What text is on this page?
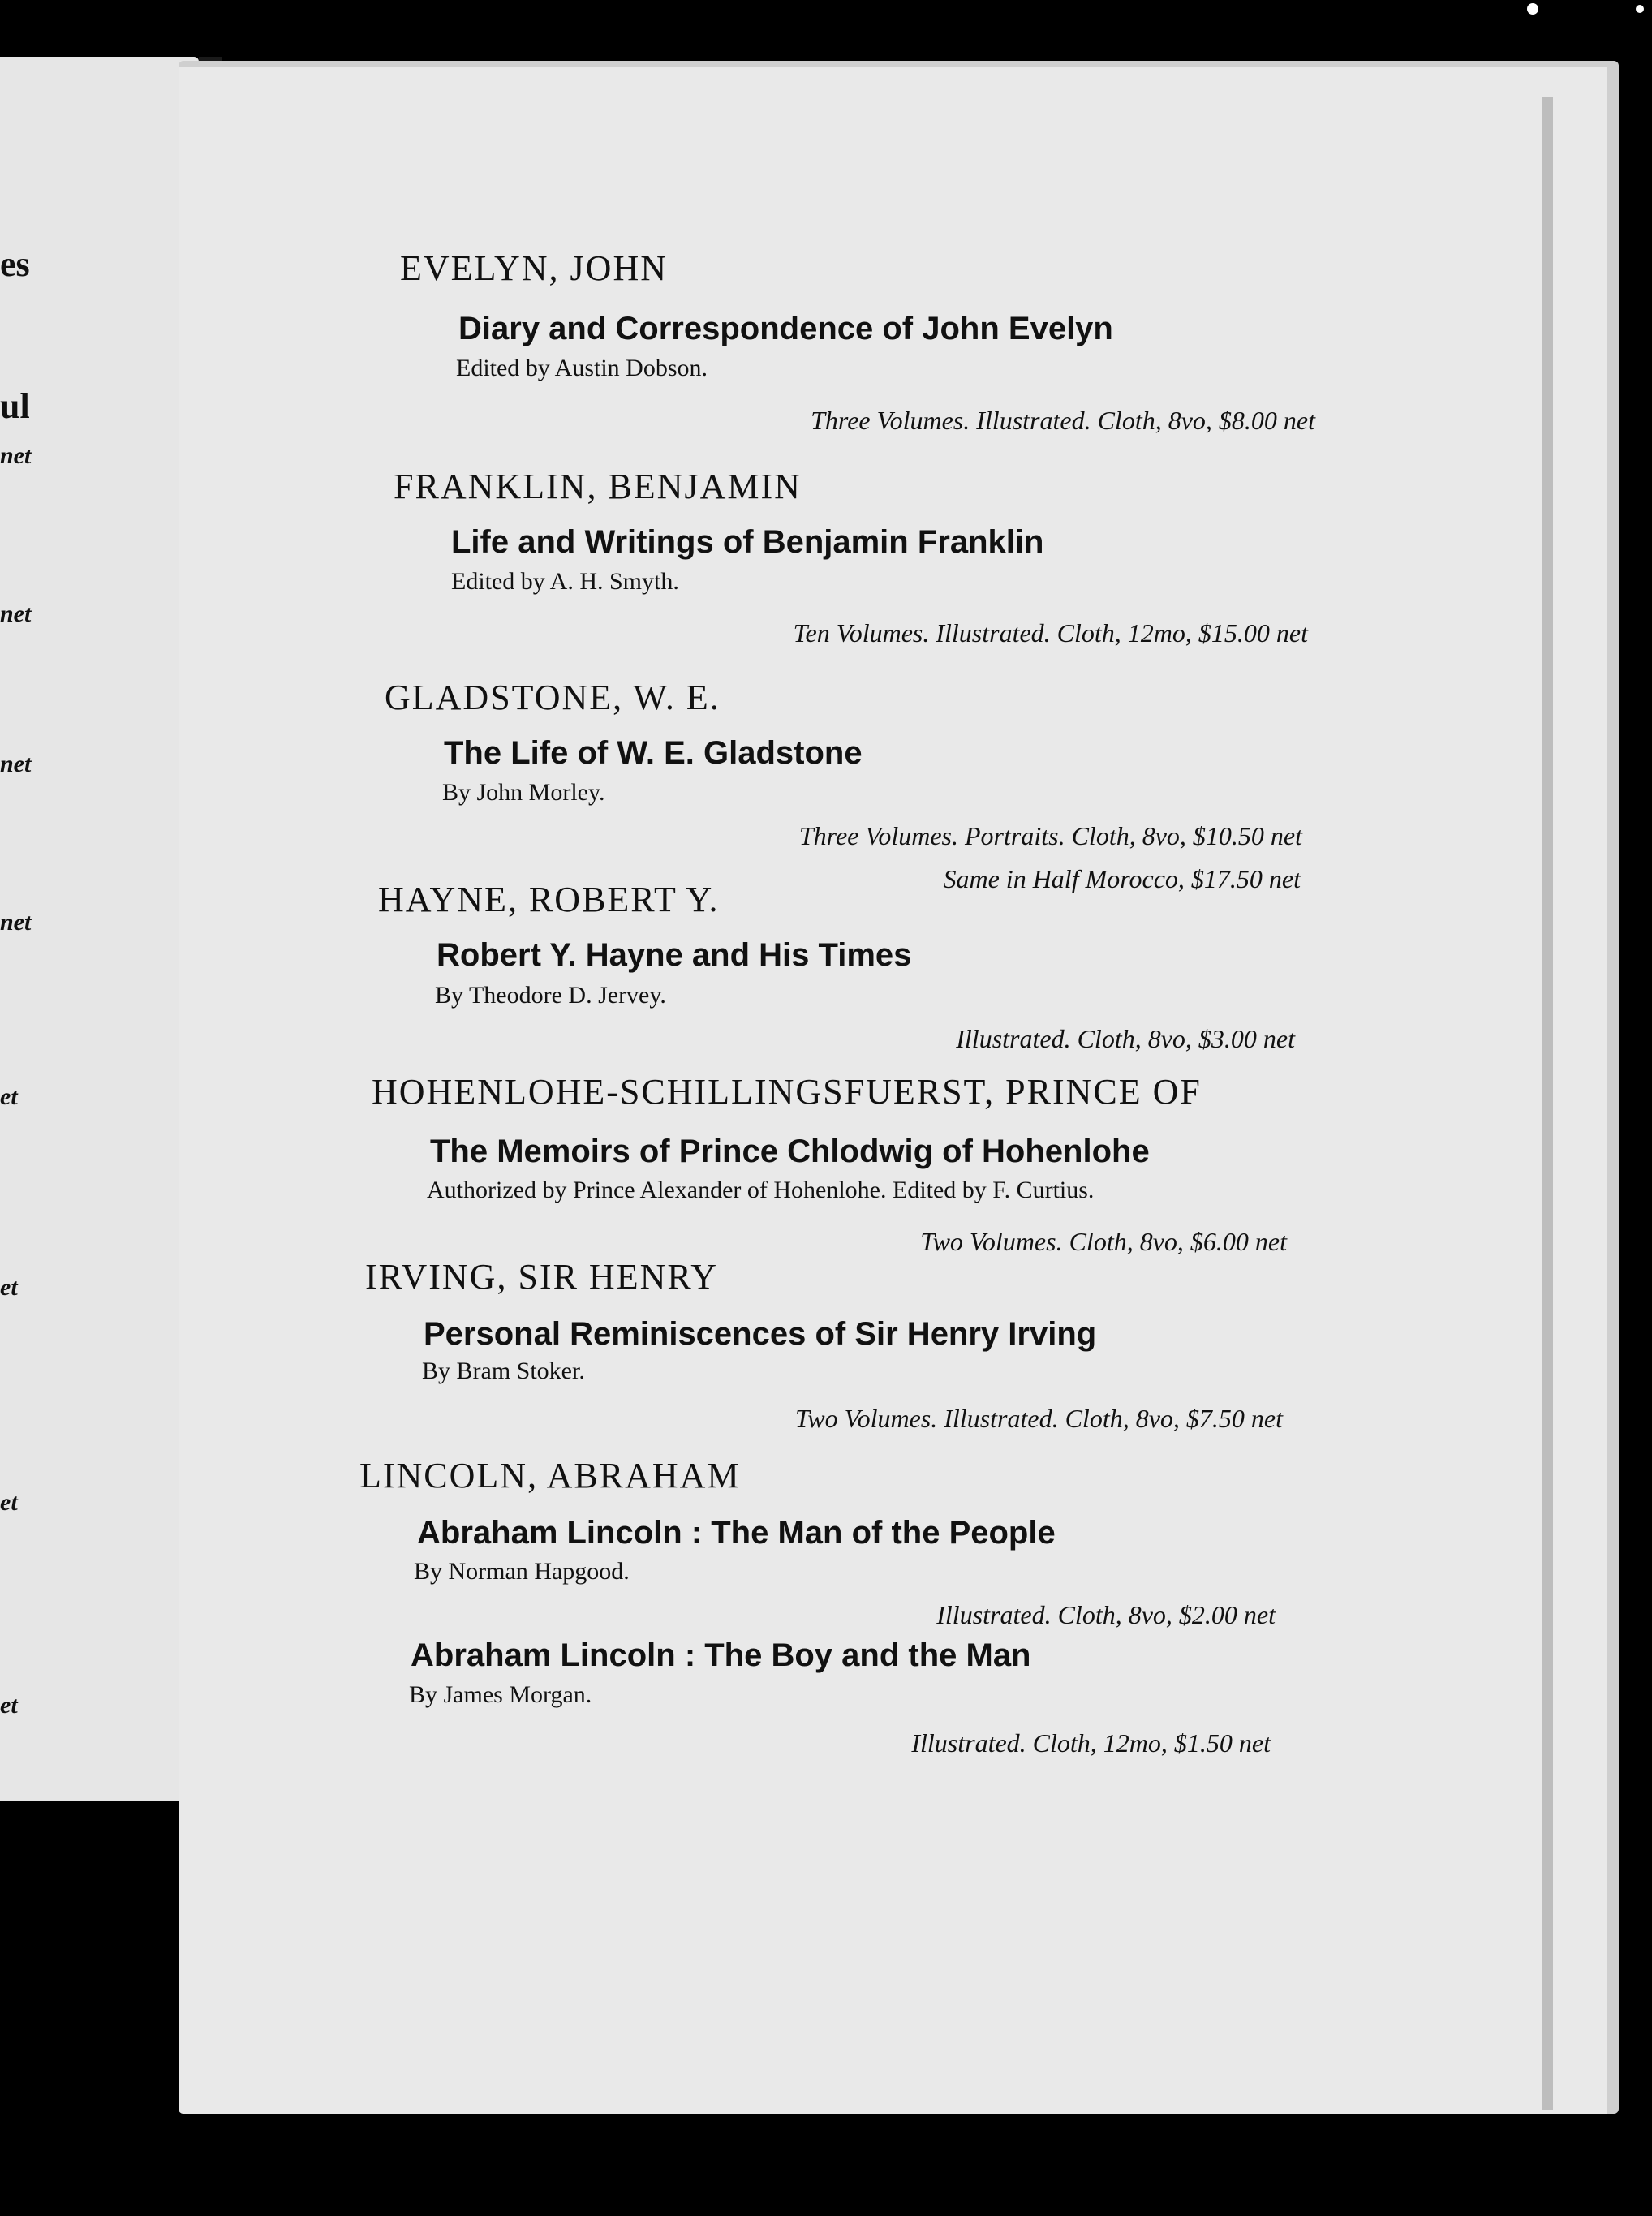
es
ul
net
net
net
net
et
et
et
et
EVELYN, JOHN
Diary and Correspondence of John Evelyn
Edited by Austin Dobson.
Three Volumes. Illustrated. Cloth, 8vo, $8.00 net
FRANKLIN, BENJAMIN
Life and Writings of Benjamin Franklin
Edited by A. H. Smyth.
Ten Volumes. Illustrated. Cloth, 12mo, $15.00 net
GLADSTONE, W. E.
The Life of W. E. Gladstone
By John Morley.
Three Volumes. Portraits. Cloth, 8vo, $10.50 net
Same in Half Morocco, $17.50 net
HAYNE, ROBERT Y.
Robert Y. Hayne and His Times
By Theodore D. Jervey.
Illustrated. Cloth, 8vo, $3.00 net
HOHENLOHE-SCHILLINGSFUERST, PRINCE OF
The Memoirs of Prince Chlodwig of Hohenlohe
Authorized by Prince Alexander of Hohenlohe. Edited by F. Curtius.
Two Volumes. Cloth, 8vo, $6.00 net
IRVING, SIR HENRY
Personal Reminiscences of Sir Henry Irving
By Bram Stoker.
Two Volumes. Illustrated. Cloth, 8vo, $7.50 net
LINCOLN, ABRAHAM
Abraham Lincoln : The Man of the People
By Norman Hapgood.
Illustrated. Cloth, 8vo, $2.00 net
Abraham Lincoln : The Boy and the Man
By James Morgan.
Illustrated. Cloth, 12mo, $1.50 net
